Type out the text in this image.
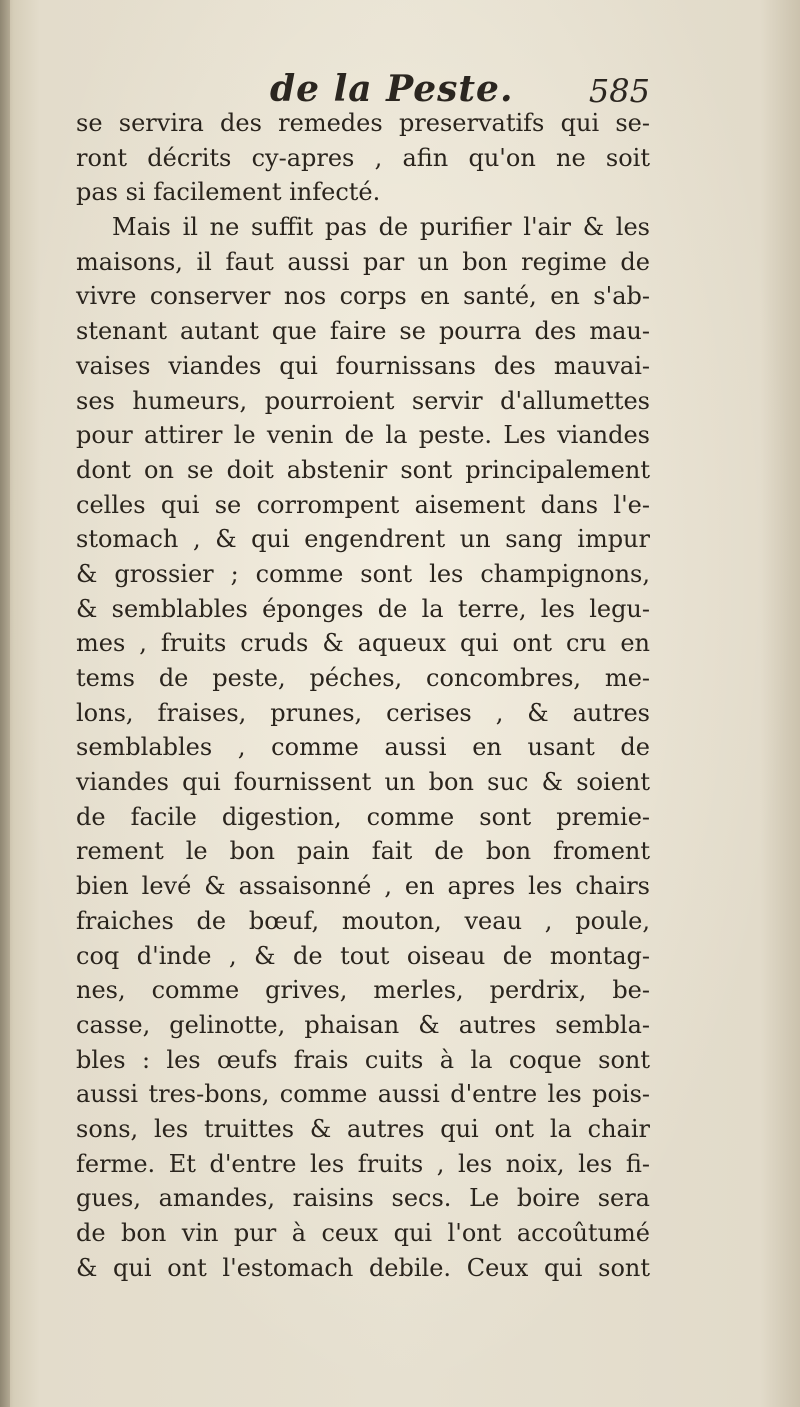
de la Peste. 585
se servira des remedes preservatifs qui se-
ront décrits cy-apres , afin qu'on ne soit
pas si facilement infecté.
Mais il ne suffit pas de purifier l'air & les
maisons, il faut aussi par un bon regime de
vivre conserver nos corps en santé, en s'ab-
stenant autant que faire se pourra des mau-
vaises viandes qui fournissans des mauvai-
ses humeurs, pourroient servir d'allumettes
pour attirer le venin de la peste. Les viandes
dont on se doit abstenir sont principalement
celles qui se corrompent aisement dans l'e-
stomach , & qui engendrent un sang impur
& grossier ; comme sont les champignons,
& semblables éponges de la terre, les legu-
mes , fruits cruds & aqueux qui ont cru en
tems de peste, péches, concombres, me-
lons, fraises, prunes, cerises , & autres
semblables , comme aussi en usant de
viandes qui fournissent un bon suc & soient
de facile digestion, comme sont premie-
rement le bon pain fait de bon froment
bien levé & assaisonné , en apres les chairs
fraiches de bœuf, mouton, veau , poule,
coq d'inde , & de tout oiseau de montag-
nes, comme grives, merles, perdrix, be-
casse, gelinotte, phaisan & autres sembla-
bles : les œufs frais cuits à la coque sont
aussi tres-bons, comme aussi d'entre les pois-
sons, les truittes & autres qui ont la chair
ferme. Et d'entre les fruits , les noix, les fi-
gues, amandes, raisins secs. Le boire sera
de bon vin pur à ceux qui l'ont accoûtumé
& qui ont l'estomach debile. Ceux qui sont
